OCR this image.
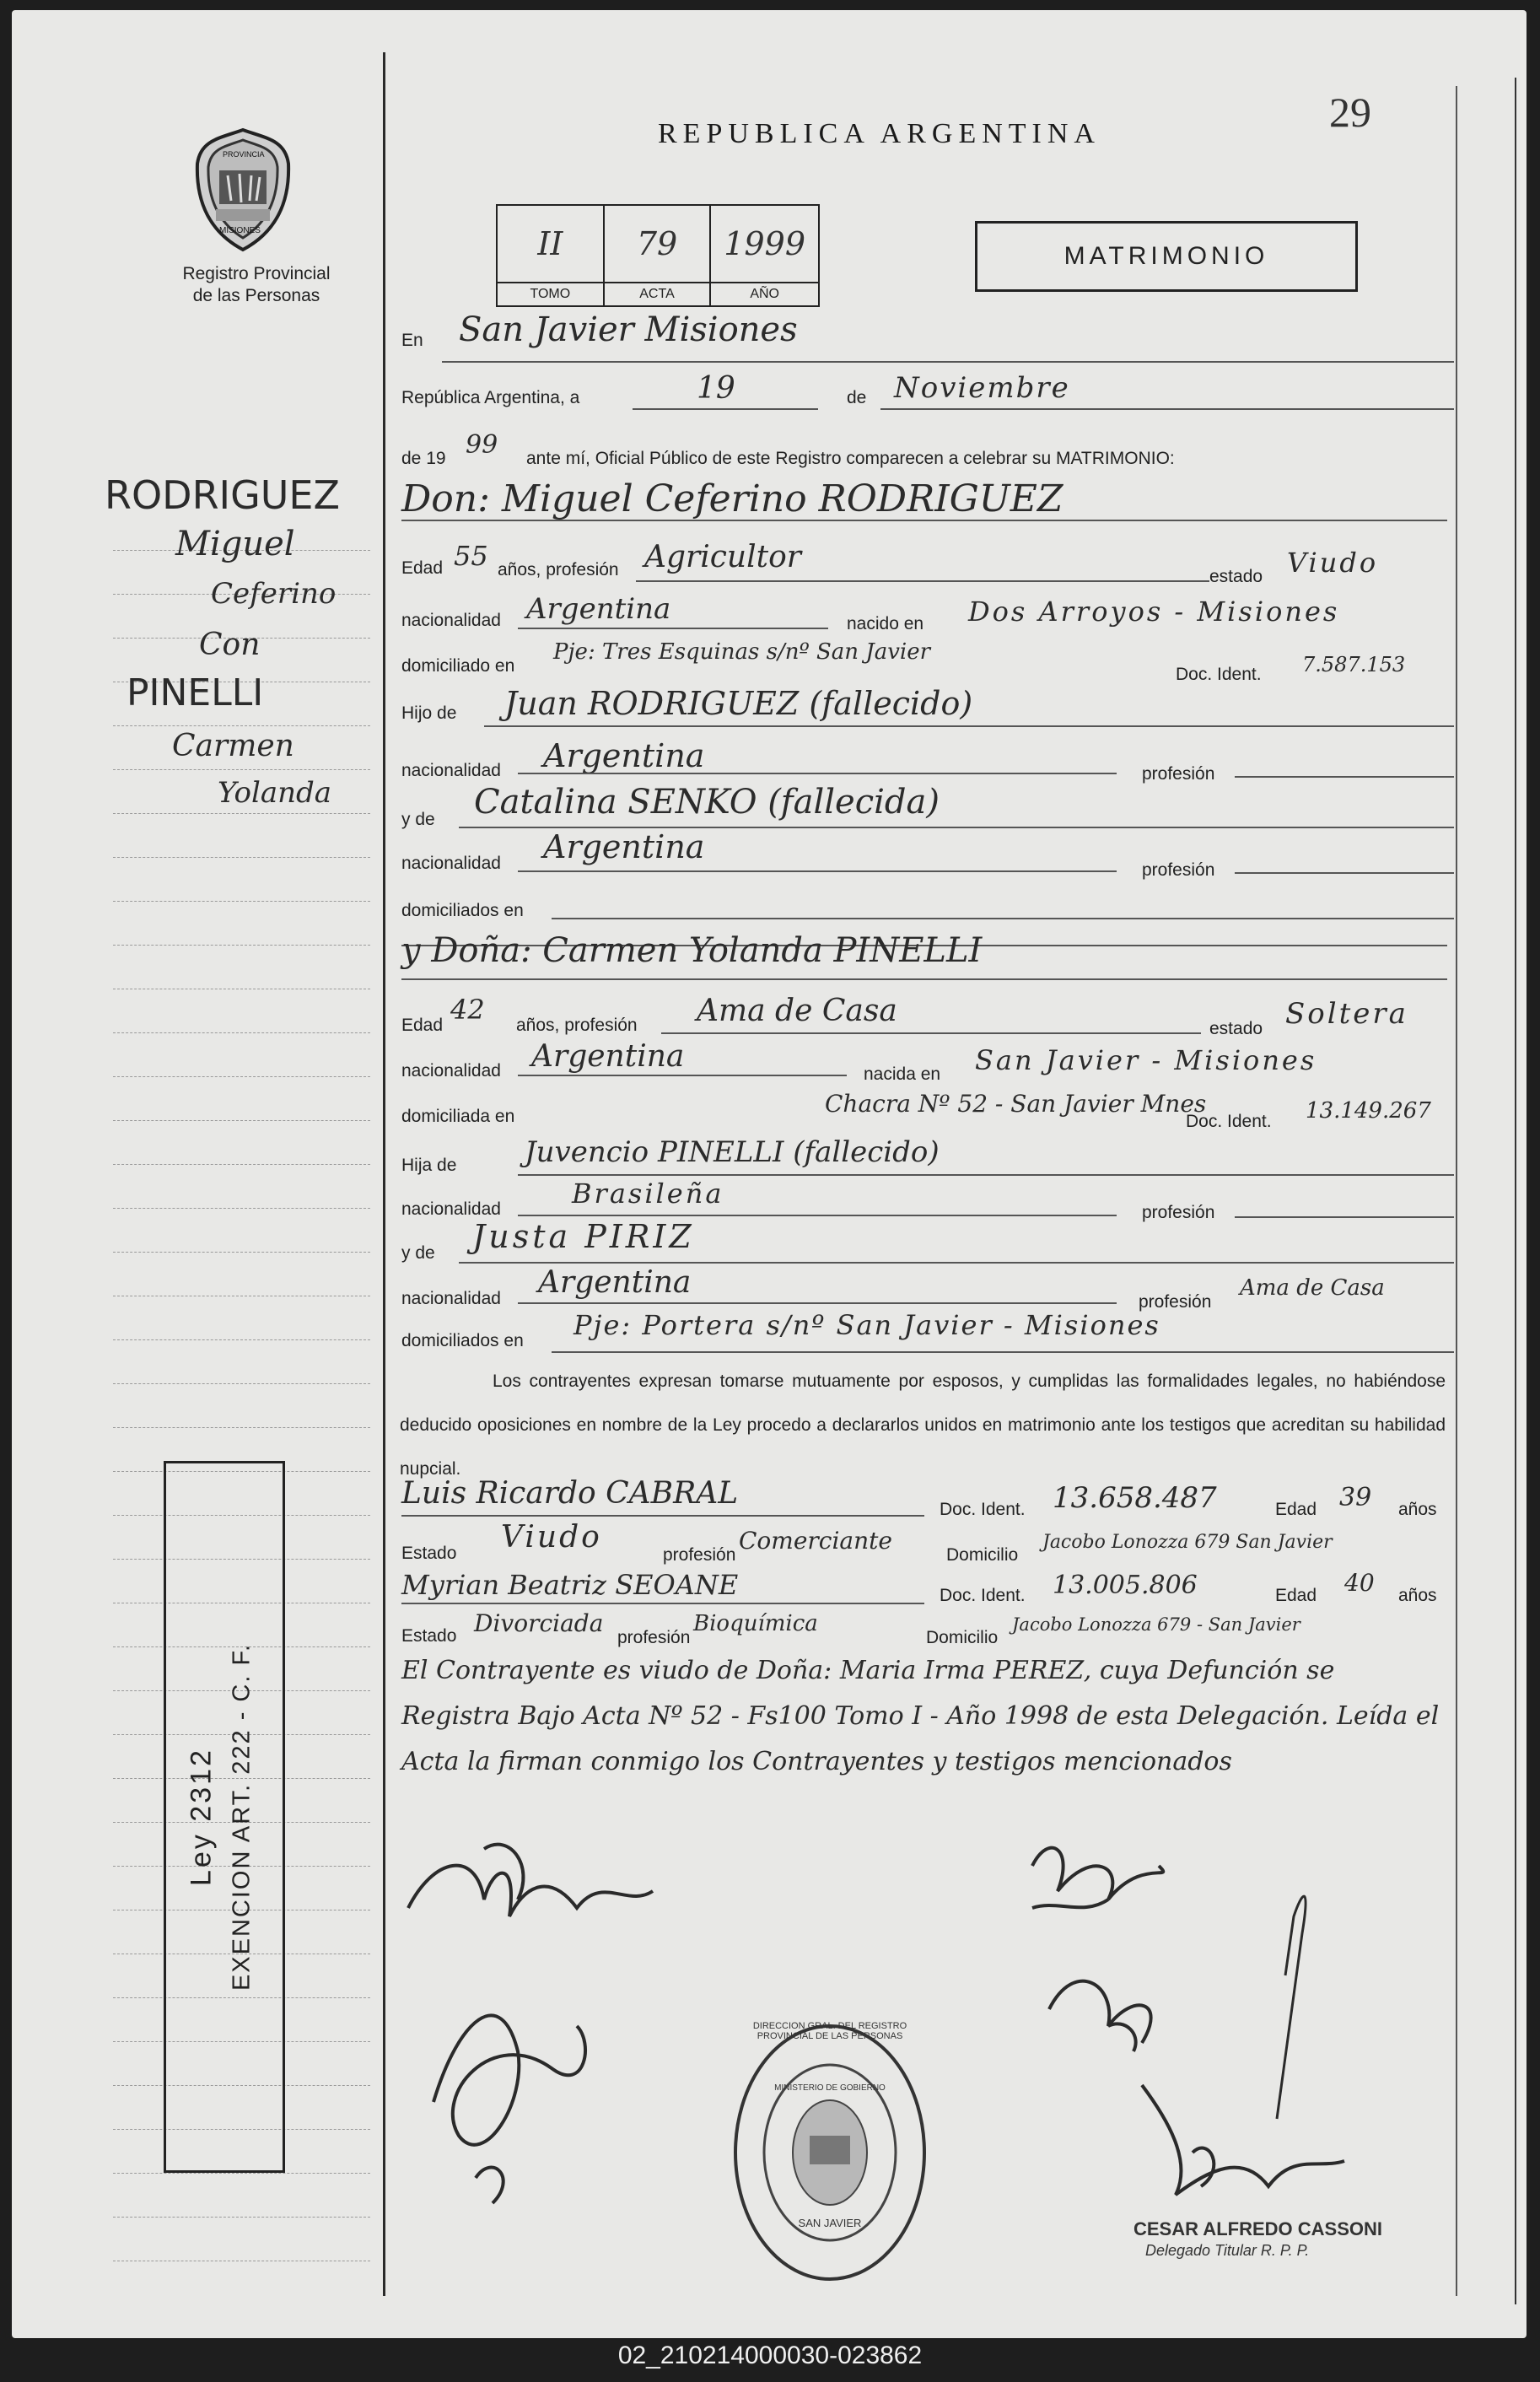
PROVINCIA
MISIONES
Registro Provincial
de las Personas
29
REPUBLICA ARGENTINA
II	79	1999
TOMO	ACTA	AÑO
MATRIMONIO
RODRIGUEZ
Miguel
Ceferino
Con
PINELLI
Carmen
Yolanda
Ley 2312 EXENCION ART. 222 - C. F.
En San Javier Misiones
República Argentina, a	19	de Noviembre
de 19 99 ante mí, Oficial Público de este Registro comparecen a celebrar su MATRIMONIO:
Don: Miguel Ceferino RODRIGUEZ
Edad 55 años, profesión Agricultor
estado Viudo
nacionalidad Argentina	nacido en Dos Arroyos - Misiones
domiciliado en
Pje: Tres Esquinas s/nº San Javier
Doc. Ident. 7.587.153
Hijo de Juan RODRIGUEZ (fallecido)
nacionalidad Argentina	profesión
y de Catalina SENKO (fallecida)
nacionalidad Argentina
profesión
domiciliados en
y Doña: Carmen Yolanda PINELLI
Edad 42 años, profesión Ama de Casa
estado Soltera
nacionalidad Argentina
nacida en San Javier - Misiones
domiciliada en	Chacra Nº 52 - San Javier Mnes
Doc. Ident. 13.149.267
Hija de Juvencio PINELLI (fallecido)
nacionalidad	Brasileña
profesión
y de Justa PIRIZ
nacionalidad Argentina
profesión
Ama de Casa
domiciliados en Pje: Portera s/nº San Javier - Misiones
Los contrayentes expresan tomarse mutuamente por esposos, y cumplidas las formalidades legales, no habiéndose deducido oposiciones en nombre de la Ley procedo a declararlos unidos en matrimonio ante los testigos que acreditan su habilidad nupcial.
Luis Ricardo CABRAL	Doc. Ident. 13.658.487	Edad 39 años
Estado Viudo
profesión
Comerciante
Domicilio
Jacobo Lonozza 679 San Javier
Myrian Beatriz SEOANE	Doc. Ident. 13.005.806	Edad 40 años
Estado Divorciada
profesión
Bioquímica
Domicilio
Jacobo Lonozza 679 - San Javier
El Contrayente es viudo de Doña: Maria Irma PEREZ, cuya Defunción se Registra Bajo Acta Nº 52 - Fs100 Tomo I - Año 1998 de esta Delegación. Leída el Acta la firman conmigo los Contrayentes y testigos mencionados
DIRECCION GRAL. DEL REGISTRO PROVINCIAL DE LAS PERSONAS
MINISTERIO DE GOBIERNO
SAN JAVIER	CESAR ALFREDO CASSONI
Delegado Titular R. P. P.
02_210214000030-023862
